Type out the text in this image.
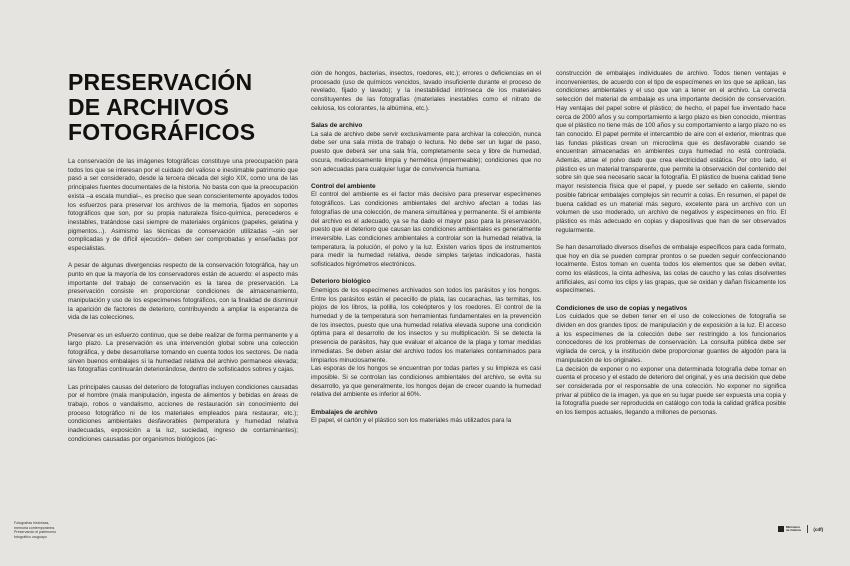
PRESERVACIÓN
DE ARCHIVOS
FOTOGRÁFICOS

La conservación de las imágenes fotográficas constituye una preocupación para todos los que se interesan por el cuidado del valioso e inestimable patrimonio que pasó a ser considerado, desde la tercera década del siglo XIX, como una de las principales fuentes documentales de la historia. No basta con que la preocupación exista –a escala mundial–, es preciso que sean conscientemente apoyados todos los esfuerzos para preservar los archivos de la memoria, fijados en soportes fotográficos que son, por su propia naturaleza físico-química, perecederos e inestables, tratándose casi siempre de materiales orgánicos (papeles, gelatina y pigmentos...). Asimismo las técnicas de conservación utilizadas –sin ser complicadas y de difícil ejecución– deben ser comprobadas y enseñadas por especialistas.

A pesar de algunas divergencias respecto de la conservación fotográfica, hay un punto en que la mayoría de los conservadores están de acuerdo: el aspecto más importante del trabajo de conservación es la tarea de preservación. La preservación consiste en proporcionar condiciones de almacenamiento, manipulación y uso de los especímenes fotográficos, con la finalidad de disminuir la aparición de factores de deterioro, contribuyendo a ampliar la esperanza de vida de las colecciones.

Preservar es un esfuerzo continuo, que se debe realizar de forma permanente y a largo plazo. La preservación es una intervención global sobre una colección fotográfica, y debe desarrollarse tomando en cuenta todos los sectores. De nada sirven buenos embalajes si la humedad relativa del archivo permanece elevada; las fotografías continuarán deteriorándose, dentro de sofisticados sobres y cajas.

Las principales causas del deterioro de fotografías incluyen condiciones causadas por el hombre (mala manipulación, ingesta de alimentos y bebidas en áreas de trabajo, robos o vandalismo, acciones de restauración sin conocimiento del proceso fotográfico ni de los materiales empleados para restaurar, etc.); condiciones ambientales desfavorables (temperatura y humedad relativa inadecuadas, exposición a la luz, suciedad, ingreso de contaminantes); condiciones causadas por organismos biológicos (ac-

ción de hongos, bacterias, insectos, roedores, etc.); errores o deficiencias en el procesado (uso de químicos vencidos, lavado insuficiente durante el proceso de revelado, fijado y lavado); y la inestabilidad intrínseca de los materiales constituyentes de las fotografías (materiales inestables como el nitrato de celulosa, los colorantes, la albúmina, etc.).

Salas de archivo

La sala de archivo debe servir exclusivamente para archivar la colección, nunca debe ser una sala mixta de trabajo o lectura. No debe ser un lugar de paso, puesto que deberá ser una sala fría, completamente seca y libre de humedad, oscura, meticulosamente limpia y hermética (impermeable); condiciones que no son adecuadas para cualquier lugar de convivencia humana.

Control del ambiente

El control del ambiente es el factor más decisivo para preservar especímenes fotográficos. Las condiciones ambientales del archivo afectan a todas las fotografías de una colección, de manera simultánea y permanente. Si el ambiente del archivo es el adecuado, ya se ha dado el mayor paso para la preservación, puesto que el deterioro que causan las condiciones ambientales es generalmente irreversible. Las condiciones ambientales a controlar son la humedad relativa, la temperatura, la polución, el polvo y la luz. Existen varios tipos de instrumentos para medir la humedad relativa, desde simples tarjetas indicadoras, hasta sofisticados higrómetros electrónicos.

Deterioro biológico

Enemigos de los especímenes archivados son todos los parásitos y los hongos. Entre los parásitos están el pececillo de plata, las cucarachas, las termitas, los piojos de los libros, la polilla, los coleópteros y los roedores. El control de la humedad y de la temperatura son herramientas fundamentales en la prevención de los insectos, puesto que una humedad relativa elevada supone una condición óptima para el desarrollo de los insectos y su multiplicación. Si se detecta la presencia de parásitos, hay que evaluar el alcance de la plaga y tomar medidas inmediatas. Se deben aislar del archivo todos los materiales contaminados para limpiarlos minuciosamente.

Las esporas de los hongos se encuentran por todas partes y su limpieza es casi imposible. Si se controlan las condiciones ambientales del archivo, se evita su desarrollo, ya que generalmente, los hongos dejan de crecer cuando la humedad relativa del ambiente es inferior al 60%.

Embalajes de archivo

El papel, el cartón y el plástico son los materiales más utilizados para la

construcción de embalajes individuales de archivo. Todos tienen ventajas e inconvenientes, de acuerdo con el tipo de especímenes en los que se aplican, las condiciones ambientales y el uso que van a tener en el archivo. La correcta selección del material de embalaje es una importante decisión de conservación. Hay ventajas del papel sobre el plástico; de hecho, el papel fue inventado hace cerca de 2000 años y su comportamiento a largo plazo es bien conocido, mientras que el plástico no tiene más de 100 años y su comportamiento a largo plazo no es tan conocido. El papel permite el intercambio de aire con el exterior, mientras que las fundas plásticas crean un microclima que es desfavorable cuando se encuentran almacenadas en ambientes cuya humedad no está controlada. Además, atrae el polvo dado que crea electricidad estática. Por otro lado, el plástico es un material transparente, que permite la observación del contenido del sobre sin que sea necesario sacar la fotografía. El plástico de buena calidad tiene mayor resistencia física que el papel, y puede ser sellado en caliente, siendo posible fabricar embalajes complejos sin recurrir a colas. En resumen, el papel de buena calidad es un material más seguro, excelente para un archivo con un volumen de uso moderado, un archivo de negativos y especímenes en frío. El plástico es más adecuado en copias y diapositivas que han de ser observados regularmente.

Se han desarrollado diversos diseños de embalaje específicos para cada formato, que hoy en día se pueden comprar prontos o se pueden seguir confeccionando localmente. Estos toman en cuenta todos los elementos que se deben evitar, como los elásticos, la cinta adhesiva, las colas de caucho y las colas disolventes artificiales, así como los clips y las grapas, que se oxidan y dañan físicamente los especímenes.

Condiciones de uso de copias y negativos

Los cuidados que se deben tener en el uso de colecciones de fotografía se dividen en dos grandes tipos: de manipulación y de exposición a la luz. El acceso a los especímenes de la colección debe ser restringido a los funcionarios conocedores de los problemas de conservación. La consulta pública debe ser vigilada de cerca, y la institución debe proporcionar guantes de algodón para la manipulación de los originales.

La decisión de exponer o no exponer una determinada fotografía debe tomar en cuenta el proceso y el estado de deterioro del original, y es una decisión que debe ser considerada por el responsable de una colección. No exponer no significa privar al público de la imagen, ya que en su lugar puede ser expuesta una copia y la fotografía puede ser reproducida en catálogo con toda la calidad gráfica posible en los tiempos actuales, llegando a millones de personas.

Fotografías históricas,
memoria contemporánea.
Preservando el patrimonio
fotográfico uruguayo
Ministerio
de Cultura	(cdf)
